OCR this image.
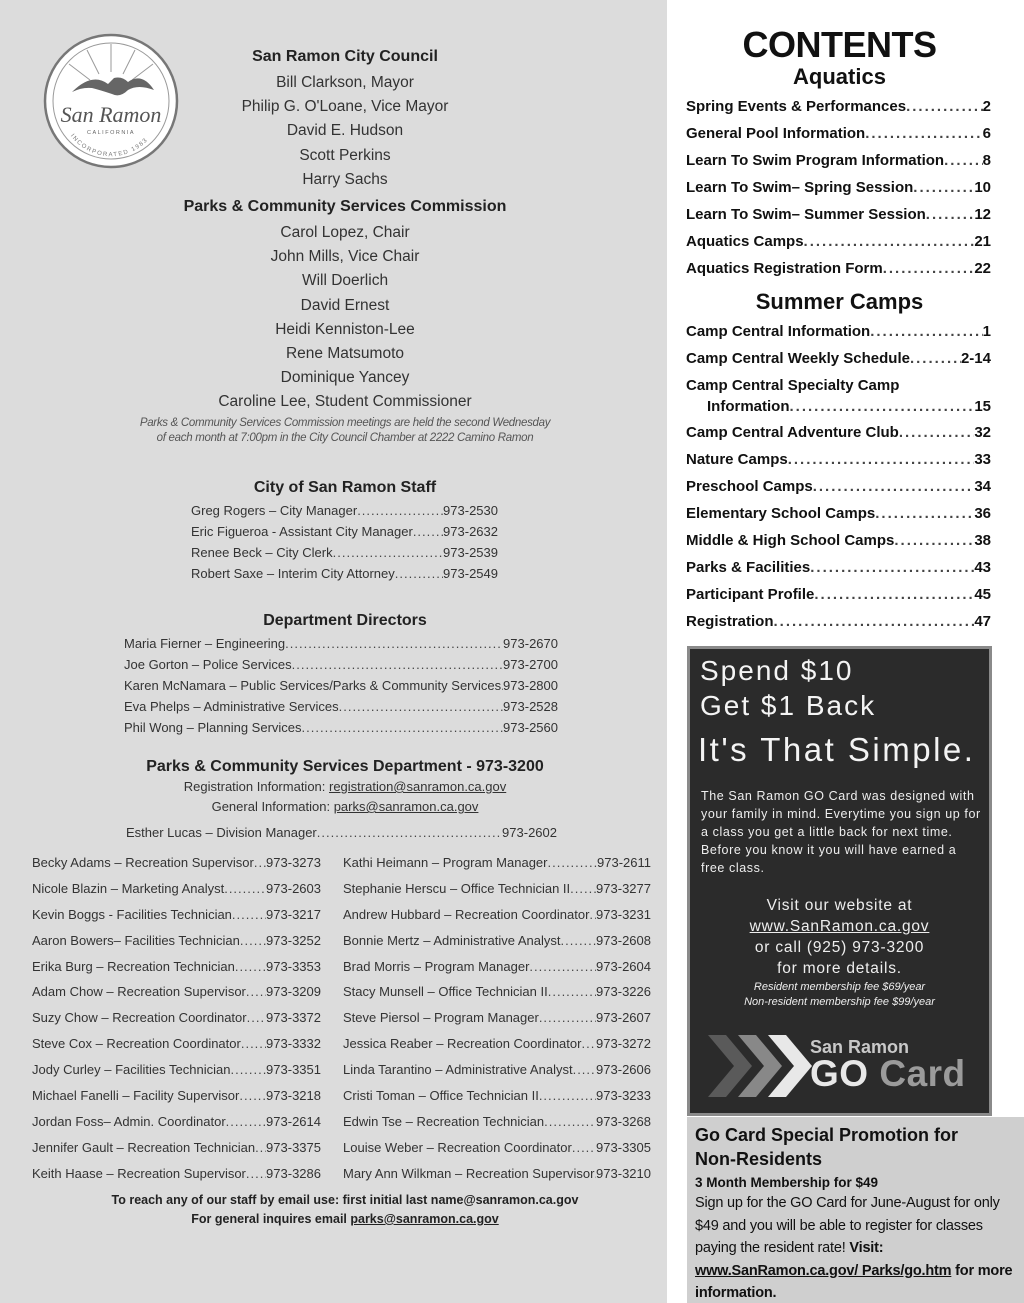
San Ramon
CALIFORNIA
INCORPORATED 1983
San Ramon City Council
Bill Clarkson, Mayor
Philip G. O'Loane, Vice Mayor
David E. Hudson
Scott Perkins
Harry Sachs
Parks & Community Services Commission
Carol Lopez, Chair
John Mills, Vice Chair
Will Doerlich
David Ernest
Heidi Kenniston-Lee
Rene Matsumoto
Dominique Yancey
Caroline Lee, Student Commissioner
Parks & Community Services Commission meetings are held the second Wednesday
of each month at 7:00pm in the City Council Chamber at 2222 Camino Ramon
City of San Ramon Staff
Greg Rogers – City Manager .....	973-2530
Eric Figueroa - Assistant City Manager ..... 973-2632
Renee Beck – City Clerk .....	973-2539
Robert Saxe – Interim City Attorney .....	973-2549
Department Directors
Maria Fierner – Engineering .....	973-2670
Joe Gorton – Police Services .....	973-2700
Karen McNamara – Public Services/Parks & Community Services ..... 973-2800
Eva Phelps – Administrative Services .....	973-2528
Phil Wong – Planning Services .....	973-2560
Parks & Community Services Department - 973-3200
Registration Information: registration@sanramon.ca.gov
General Information: parks@sanramon.ca.gov
Esther Lucas – Division Manager .....	973-2602
Becky Adams – Recreation Supervisor ..... 973-3273
Nicole Blazin – Marketing Analyst .....	973-2603
Kevin Boggs - Facilities Technician .....	973-3217
Aaron Bowers– Facilities Technician ..... 973-3252
Erika Burg – Recreation Technician ..... 973-3353
Adam Chow – Recreation Supervisor ..... 973-3209
Suzy Chow – Recreation Coordinator ..... 973-3372
Steve Cox – Recreation Coordinator ..... 973-3332
Jody Curley – Facilities Technician .....	973-3351
Michael Fanelli – Facility Supervisor ..... 973-3218
Jordan Foss– Admin. Coordinator .....	973-2614
Jennifer Gault – Recreation Technician ..... 973-3375
Keith Haase – Recreation Supervisor ..... 973-3286
Kathi Heimann – Program Manager .....	973-2611
Stephanie Herscu – Office Technician II ..... 973-3277
Andrew Hubbard – Recreation Coordinator ..... 973-3231
Bonnie Mertz – Administrative Analyst .....	973-2608
Brad Morris – Program Manager .....	973-2604
Stacy Munsell – Office Technician II .....	973-3226
Steve Piersol – Program Manager .....	973-2607
Jessica Reaber – Recreation Coordinator ..... 973-3272
Linda Tarantino – Administrative Analyst ..... 973-2606
Cristi Toman – Office Technician II .....	973-3233
Edwin Tse – Recreation Technician .....	973-3268
Louise Weber – Recreation Coordinator ..... 973-3305
Mary Ann Wilkman – Recreation Supervisor ..... 973-3210
To reach any of our staff by email use: first initial last name@sanramon.ca.gov
For general inquires email parks@sanramon.ca.gov
CONTENTS
Aquatics
Spring Events & Performances .....	2
General Pool Information .....	6
Learn To Swim Program Information .....	8
Learn To Swim– Spring Session .....	10
Learn To Swim– Summer Session .....	12
Aquatics Camps .....	21
Aquatics Registration Form .....	22
Summer Camps
Camp Central Information .....	1
Camp Central Weekly Schedule .....	2-14
Camp Central Specialty Camp
Information .....	15
Camp Central Adventure Club .....	32
Nature Camps .....	33
Preschool Camps .....	34
Elementary School Camps .....	36
Middle & High School Camps .....	38
Parks & Facilities .....	43
Participant Profile .....	45
Registration .....	47
Spend $10
Get $1 Back
It's That Simple.
The San Ramon GO Card was designed with your family in mind. Everytime you sign up for a class you get a little back for next time. Before you know it you will have earned a free class.
Visit our website at
www.SanRamon.ca.gov
or call (925) 973-3200
for more details.
Resident membership fee $69/year
Non-resident membership fee $99/year
San Ramon
GO Card
Go Card Special Promotion for
Non-Residents
3 Month Membership for $49
Sign up for the GO Card for June-August for only $49 and you will be able to register for classes paying the resident rate! Visit: www.SanRamon.ca.gov/ Parks/go.htm for more information.
